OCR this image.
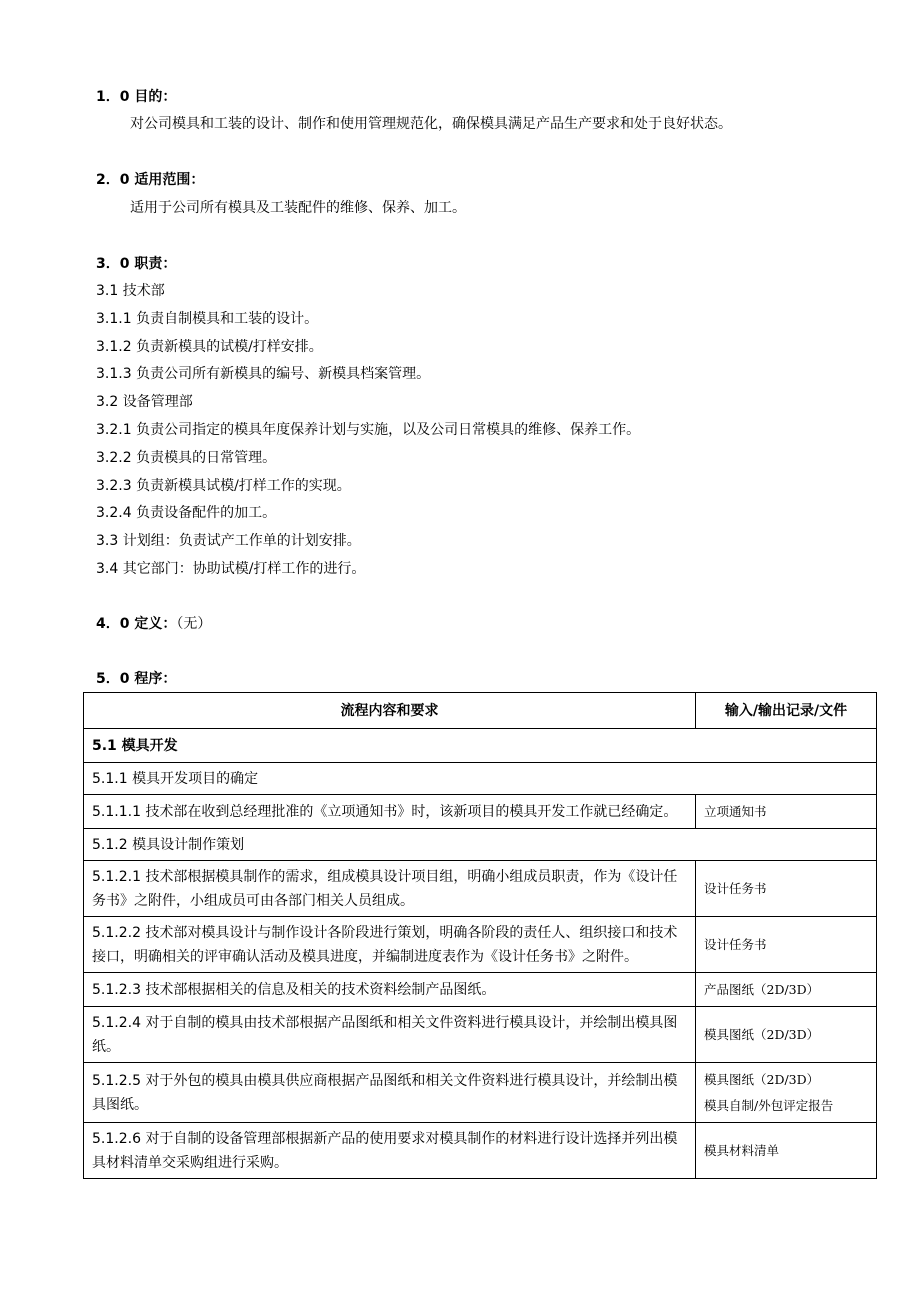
1．0 目的：
对公司模具和工装的设计、制作和使用管理规范化，确保模具满足产品生产要求和处于良好状态。
2．0 适用范围：
适用于公司所有模具及工装配件的维修、保养、加工。
3．0 职责：
3.1 技术部
3.1.1 负责自制模具和工装的设计。
3.1.2 负责新模具的试模/打样安排。
3.1.3 负责公司所有新模具的编号、新模具档案管理。
3.2 设备管理部
3.2.1 负责公司指定的模具年度保养计划与实施，以及公司日常模具的维修、保养工作。
3.2.2 负责模具的日常管理。
3.2.3 负责新模具试模/打样工作的实现。
3.2.4 负责设备配件的加工。
3.3 计划组：负责试产工作单的计划安排。
3.4 其它部门：协助试模/打样工作的进行。
4．0 定义：（无）
5．0 程序：
流程内容和要求	输入/输出记录/文件
5.1 模具开发	
5.1.1 模具开发项目的确定	
5.1.1.1 技术部在收到总经理批准的《立项通知书》时，该新项目的模具开发工作就已经确定。	立项通知书
5.1.2 模具设计制作策划	
5.1.2.1 技术部根据模具制作的需求，组成模具设计项目组，明确小组成员职责，作为《设计任务书》之附件，小组成员可由各部门相关人员组成。	设计任务书
5.1.2.2 技术部对模具设计与制作设计各阶段进行策划，明确各阶段的责任人、组织接口和技术接口，明确相关的评审确认活动及模具进度，并编制进度表作为《设计任务书》之附件。	设计任务书
5.1.2.3 技术部根据相关的信息及相关的技术资料绘制产品图纸。	产品图纸（2D/3D）
5.1.2.4 对于自制的模具由技术部根据产品图纸和相关文件资料进行模具设计，并绘制出模具图纸。	模具图纸（2D/3D）
5.1.2.5 对于外包的模具由模具供应商根据产品图纸和相关文件资料进行模具设计，并绘制出模具图纸。	模具图纸（2D/3D）
模具自制/外包评定报告

5.1.2.6 对于自制的设备管理部根据新产品的使用要求对模具制作的材料进行设计选择并列出模具材料清单交采购组进行采购。	模具材料清单
